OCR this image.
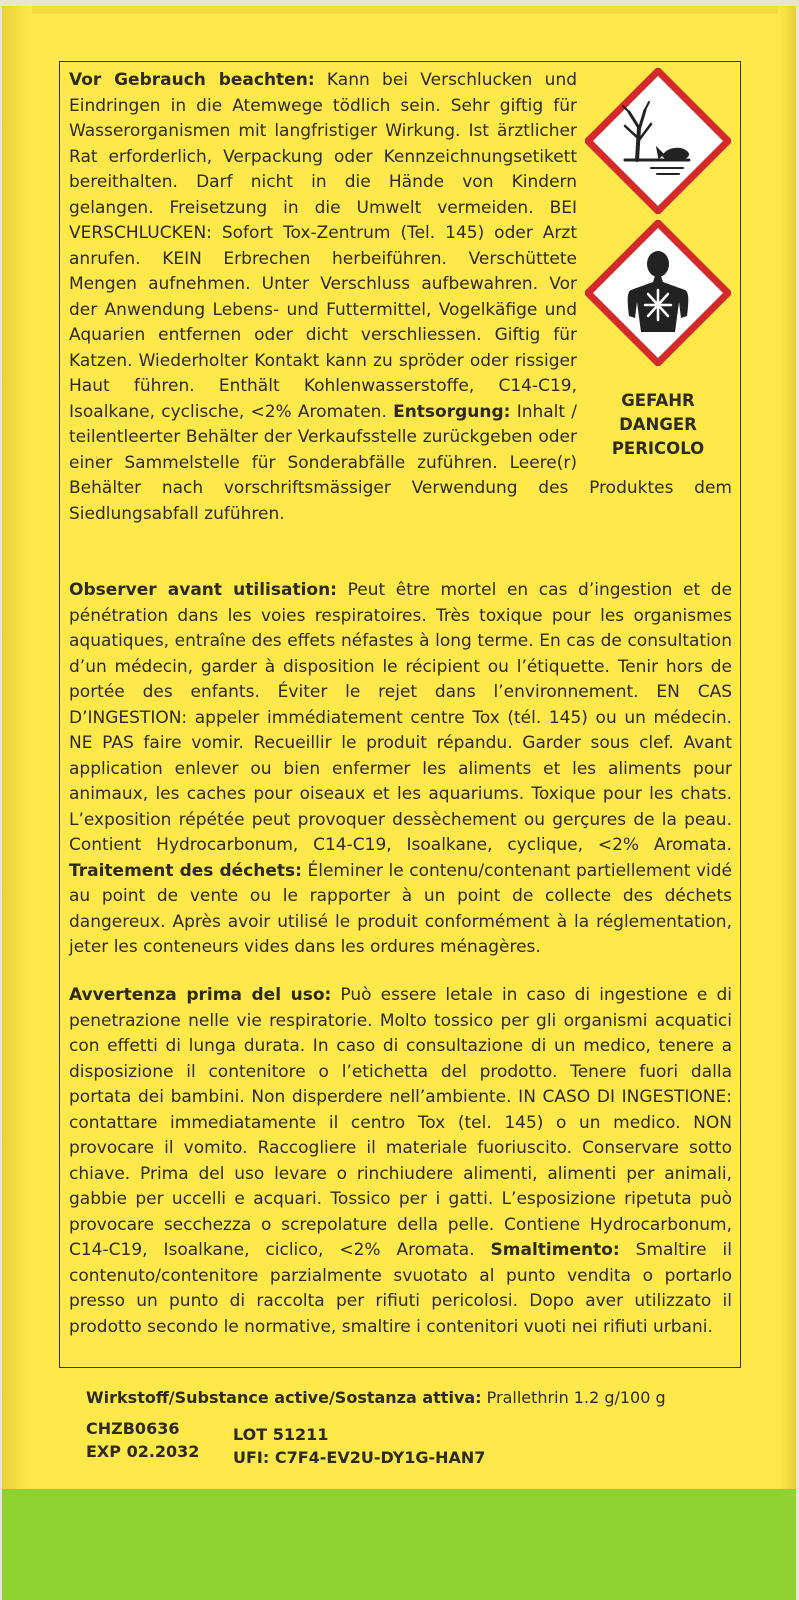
GEFAHR
DANGER
PERICOLO

Vor Gebrauch beachten: Kann bei Verschlucken und Eindringen in die Atemwege tödlich sein. Sehr giftig für Wasserorganismen mit langfristiger Wirkung. Ist ärztlicher Rat erforderlich, Verpackung oder Kennzeichnungsetikett bereithalten. Darf nicht in die Hände von Kindern gelangen. Freisetzung in die Umwelt vermeiden. BEI VERSCHLUCKEN: Sofort Tox-Zentrum (Tel. 145) oder Arzt anrufen. KEIN Erbrechen herbeiführen. Verschüttete Mengen aufnehmen. Unter Verschluss aufbewahren. Vor der Anwendung Lebens- und Futtermittel, Vogelkäfige und Aquarien entfernen oder dicht verschliessen. Giftig für Katzen. Wiederholter Kontakt kann zu spröder oder rissiger Haut führen. Enthält Kohlenwasserstoffe, C14-C19, Isoalkane, cyclische, <2% Aromaten. Entsorgung: Inhalt / teilentleerter Behälter der Verkaufsstelle zurückgeben oder einer Sammelstelle für Sonderabfälle zuführen. Leere(r) Behälter nach vorschriftsmässiger Verwendung des Produktes dem Siedlungsabfall zuführen.

Observer avant utilisation: Peut être mortel en cas d’ingestion et de pénétration dans les voies respiratoires. Très toxique pour les organismes aquatiques, entraîne des effets néfastes à long terme. En cas de consultation d’un médecin, garder à disposition le récipient ou l’étiquette. Tenir hors de portée des enfants. Éviter le rejet dans l’environnement. EN CAS D’INGESTION: appeler immédiatement centre Tox (tél. 145) ou un médecin. NE PAS faire vomir. Recueillir le produit répandu. Garder sous clef. Avant application enlever ou bien enfermer les aliments et les aliments pour animaux, les caches pour oiseaux et les aquariums. Toxique pour les chats. L’exposition répétée peut provoquer dessèchement ou gerçures de la peau. Contient Hydrocarbonum, C14-C19, Isoalkane, cyclique, <2% Aromata. Traitement des déchets: Éleminer le contenu/contenant partiellement vidé au point de vente ou le rapporter à un point de collecte des déchets dangereux. Après avoir utilisé le produit conformément à la réglementation, jeter les conteneurs vides dans les ordures ménagères.

Avvertenza prima del uso: Può essere letale in caso di ingestione e di penetrazione nelle vie respiratorie. Molto tossico per gli organismi acquatici con effetti di lunga durata. In caso di consultazione di un medico, tenere a disposizione il contenitore o l’etichetta del prodotto. Tenere fuori dalla portata dei bambini. Non disperdere nell’ambiente. IN CASO DI INGESTIONE: contattare immediatamente il centro Tox (tel. 145) o un medico. NON provocare il vomito. Raccogliere il materiale fuoriuscito. Conservare sotto chiave. Prima del uso levare o rinchiudere alimenti, alimenti per animali, gabbie per uccelli e acquari. Tossico per i gatti. L’esposizione ripetuta può provocare secchezza o screpolature della pelle. Contiene Hydrocarbonum, C14-C19, Isoalkane, ciclico, <2% Aromata. Smaltimento: Smaltire il contenuto/contenitore parzialmente svuotato al punto vendita o portarlo presso un punto di raccolta per rifiuti pericolosi. Dopo aver utilizzato il prodotto secondo le normative, smaltire i contenitori vuoti nei rifiuti urbani.

Wirkstoff/Substance active/Sostanza attiva: Prallethrin 1.2 g/100 g
CHZB0636
EXP 02.2032
LOT 51211
UFI: C7F4-EV2U-DY1G-HAN7
